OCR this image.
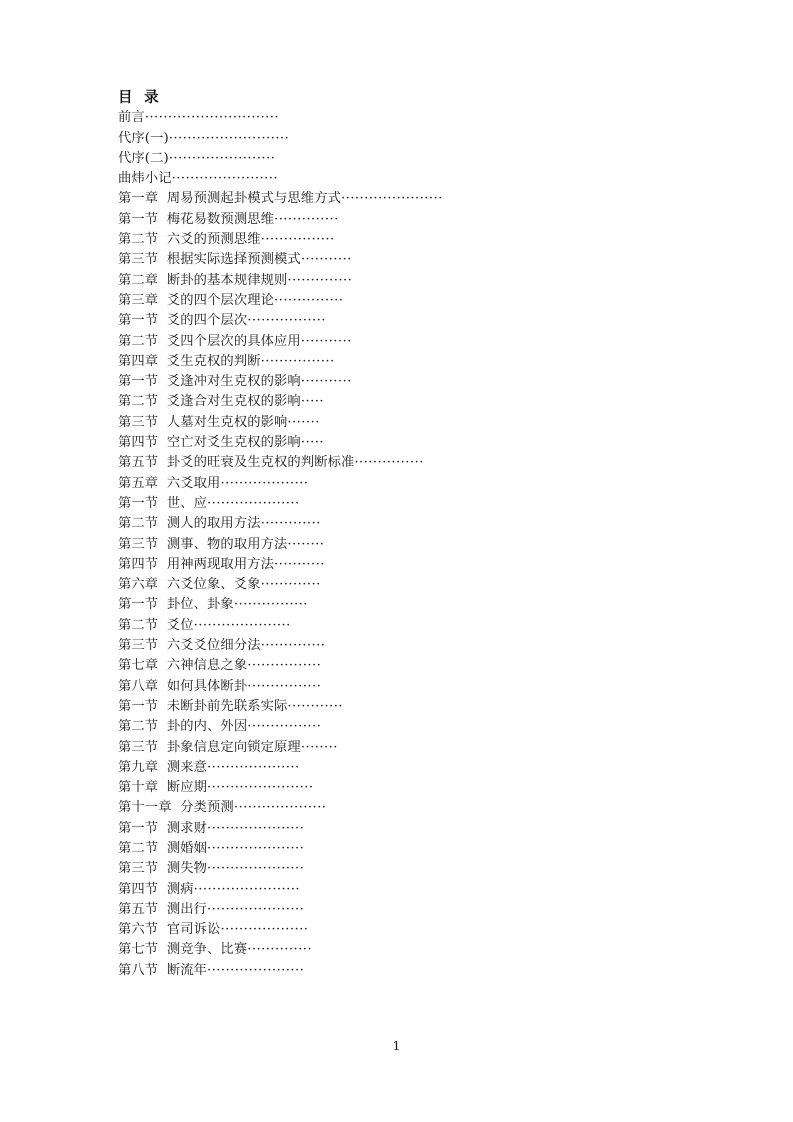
目  录
前言·····························
代序(一)··························
代序(二)·······················
曲炜小记·······················
第一章  周易预测起卦模式与思维方式······················
第一节  梅花易数预测思维··············
第二节  六爻的预测思维················
第三节  根据实际选择预测模式···········
第二章  断卦的基本规律规则··············
第三章  爻的四个层次理论···············
第一节  爻的四个层次·················
第二节  爻四个层次的具体应用···········
第四章  爻生克权的判断················
第一节  爻逢冲对生克权的影响···········
第二节  爻逢合对生克权的影响·····
第三节  人墓对生克权的影响·······
第四节  空亡对爻生克权的影响·····
第五节  卦爻的旺衰及生克权的判断标准···············
第五章  六爻取用···················
第一节  世、应····················
第二节  测人的取用方法·············
第三节  测事、物的取用方法········
第四节  用神两现取用方法···········
第六章  六爻位象、爻象·············
第一节  卦位、卦象················
第二节  爻位·····················
第三节  六爻爻位细分法··············
第七章  六神信息之象················
第八章  如何具体断卦················
第一节  未断卦前先联系实际············
第二节  卦的内、外因················
第三节  卦象信息定向锁定原理········
第九章  测来意····················
第十章  断应期·······················
第十一章  分类预测····················
第一节  测求财·····················
第二节  测婚姻·····················
第三节  测失物·····················
第四节  测病·······················
第五节  测出行·····················
第六节  官司诉讼···················
第七节  测竞争、比赛··············
第八节  断流年·····················
1
